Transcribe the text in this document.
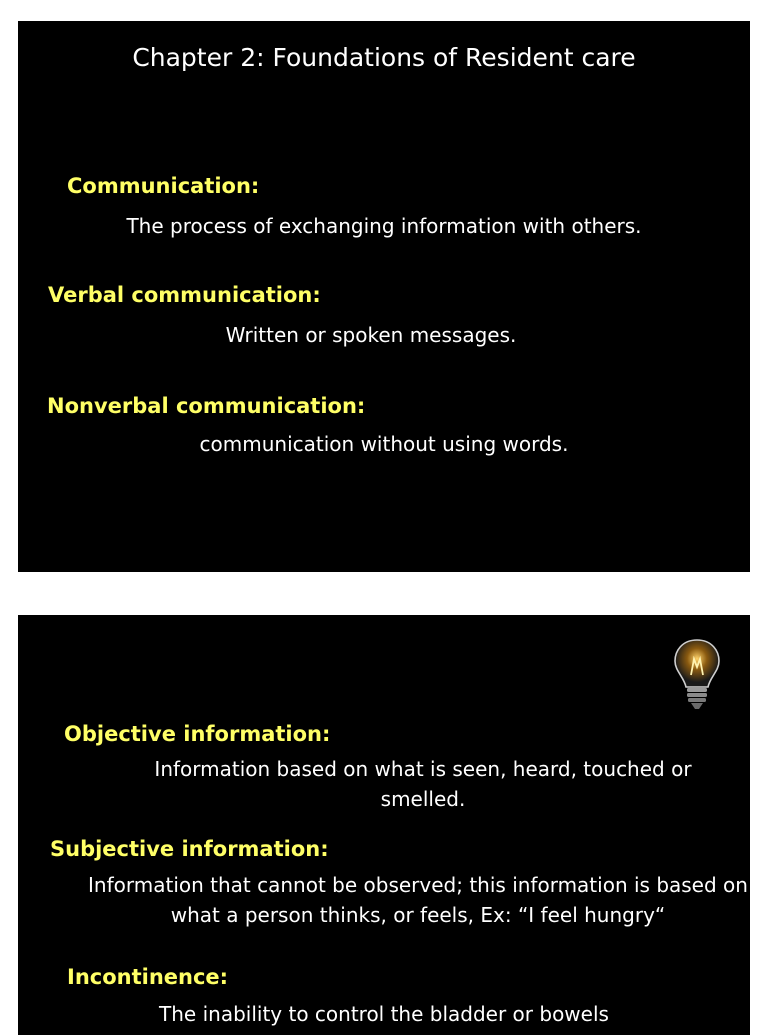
Chapter 2: Foundations of Resident care
Communication:
The process of exchanging information with others.
Verbal communication:
Written or spoken messages.
Nonverbal communication:
communication without using words.
Objective information:
Information based on what is seen, heard, touched or smelled.
Subjective information:
Information that cannot be observed; this information is based on what a person thinks, or feels, Ex: “I feel hungry“
Incontinence:
The inability to control the bladder or bowels
